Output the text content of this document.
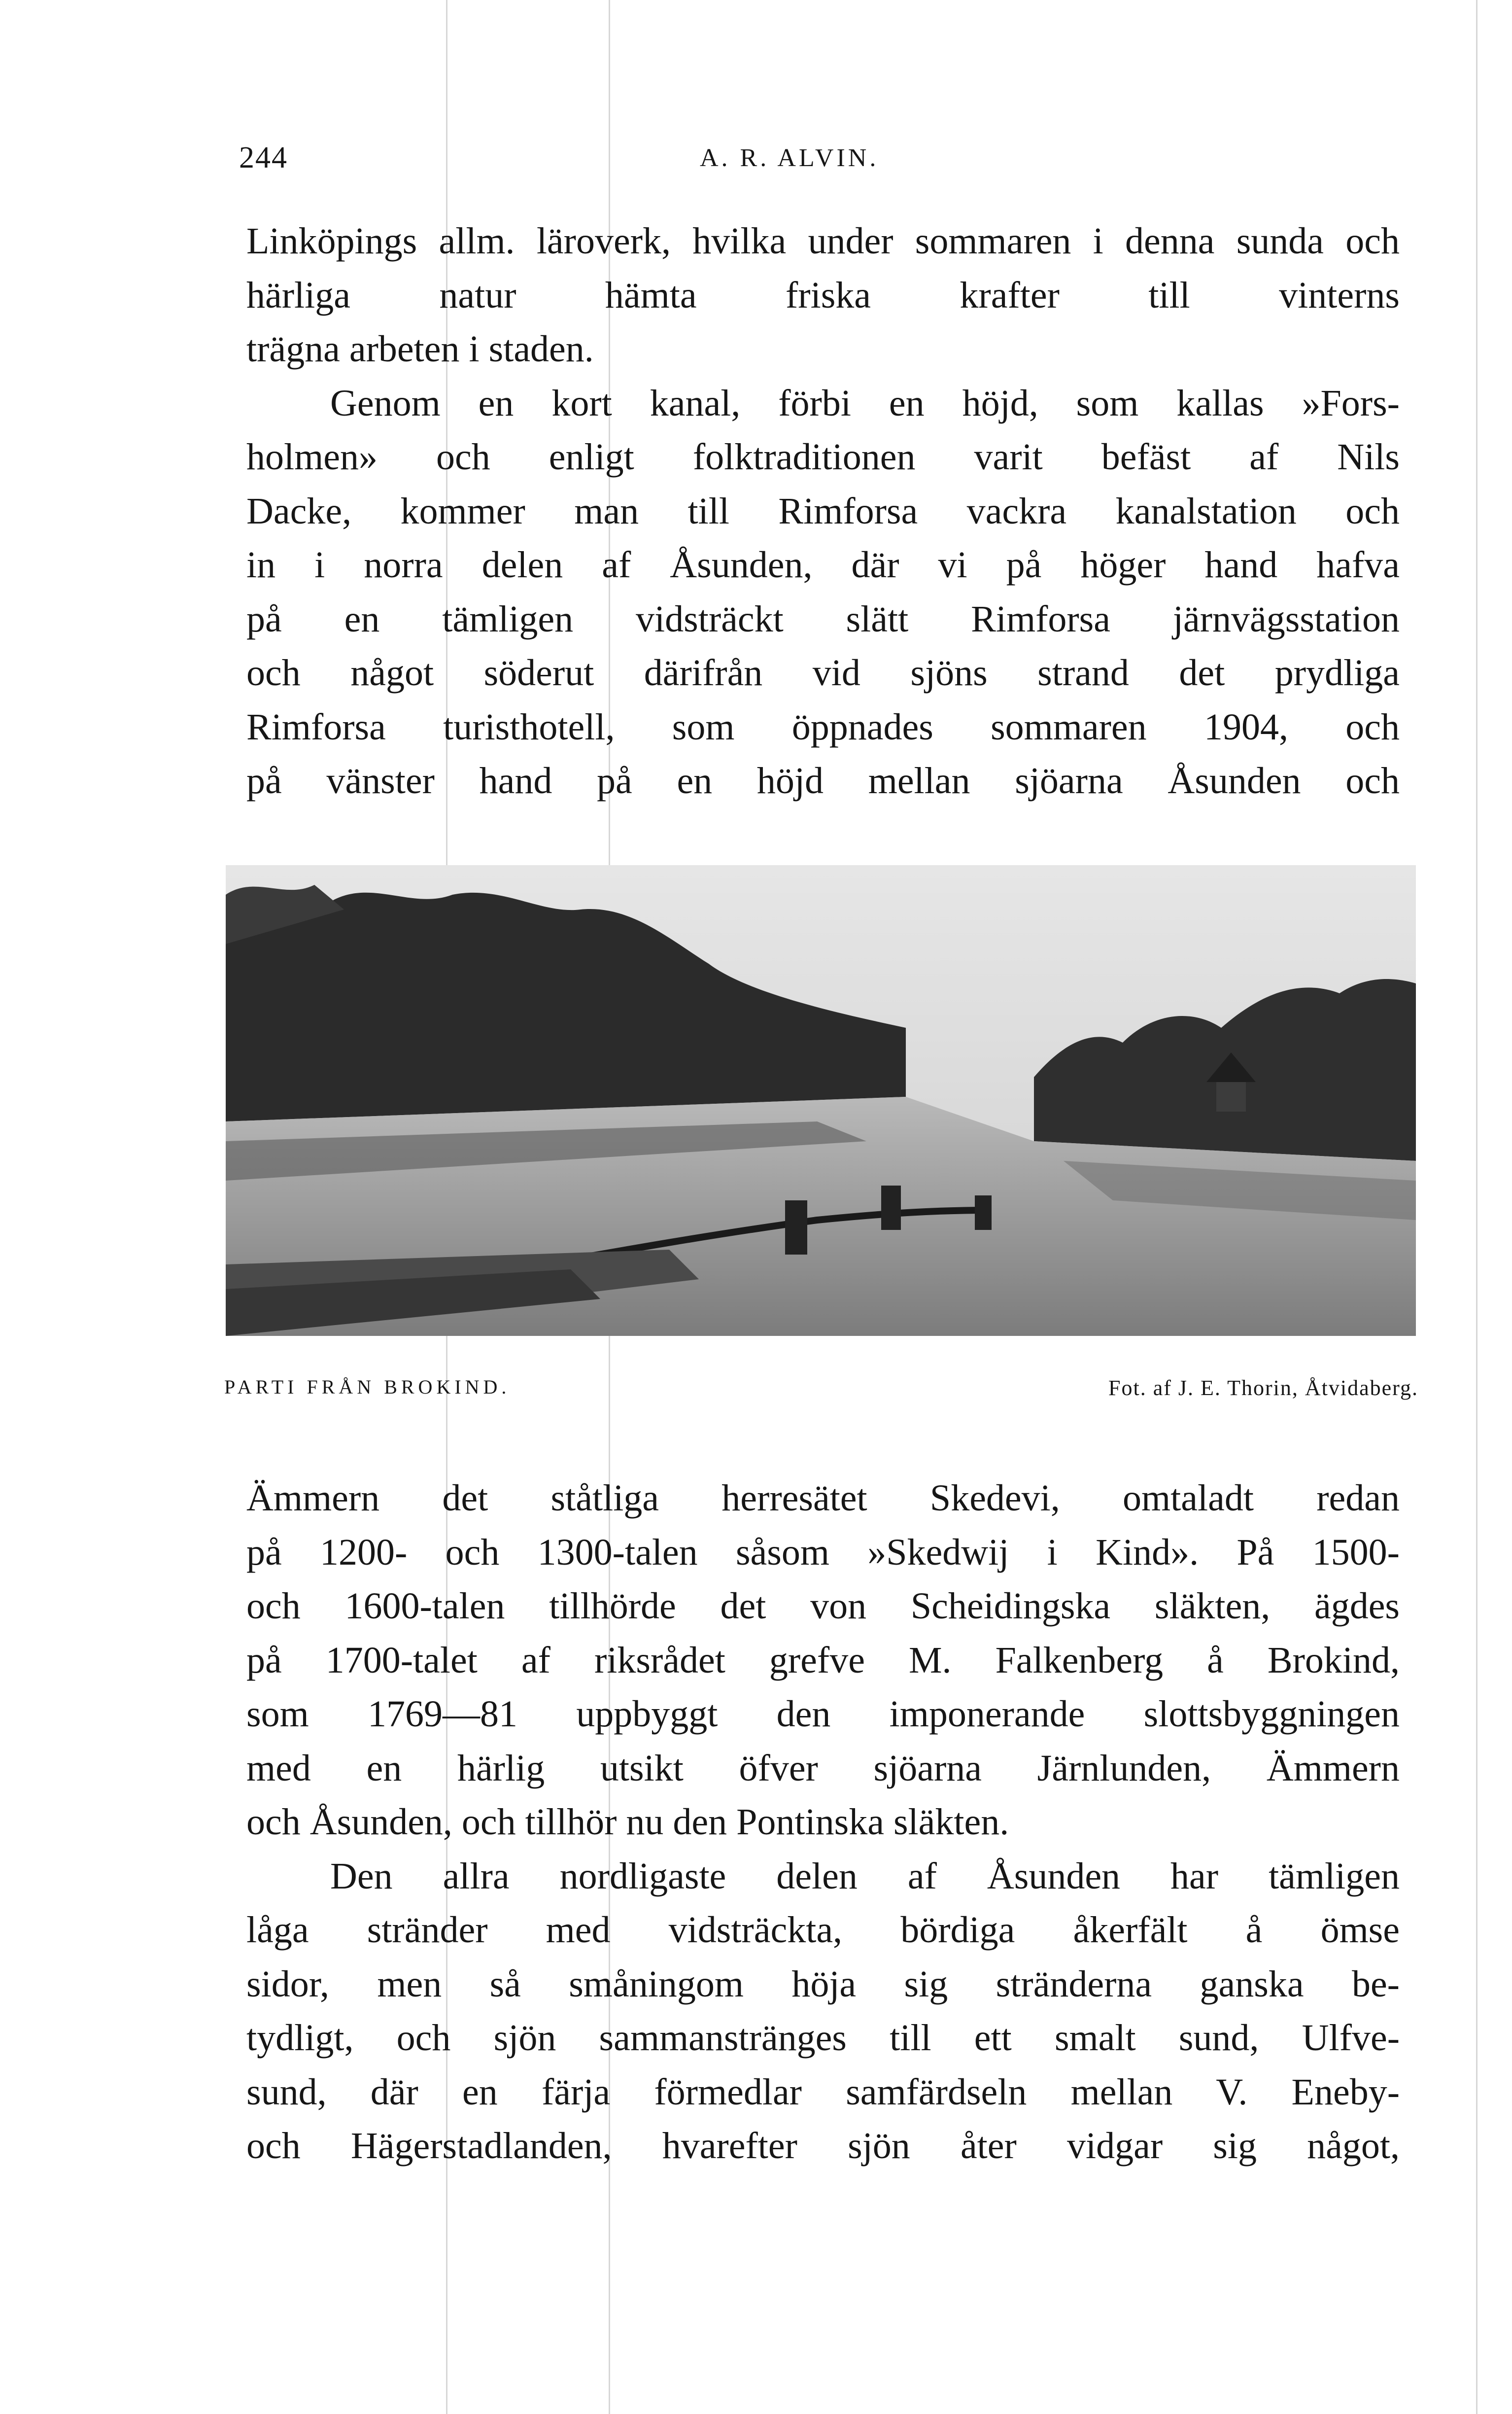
244	A. R. ALVIN.

Linköpings allm. läroverk, hvilka under sommaren i denna sunda och härliga natur hämta friska krafter till vinterns

trägna arbeten i staden.

Genom en kort kanal, förbi en höjd, som kallas »Fors-

holmen» och enligt folktraditionen varit befäst af Nils

Dacke, kommer man till Rimforsa vackra kanalstation och

in i norra delen af Åsunden, där vi på höger hand hafva

på en tämligen vidsträckt slätt Rimforsa järnvägsstation

och något söderut därifrån vid sjöns strand det prydliga

Rimforsa turisthotell, som öppnades sommaren 1904, och

på vänster hand på en höjd mellan sjöarna Åsunden och

PARTI FRÅN BROKIND.	Fot. af J. E. Thorin, Åtvidaberg.

Ämmern det ståtliga herresätet Skedevi, omtaladt redan

på 1200- och 1300-talen såsom »Skedwij i Kind». På 1500-

och 1600-talen tillhörde det von Scheidingska släkten, ägdes

på 1700-talet af riksrådet grefve M. Falkenberg å Brokind,

som 1769—81 uppbyggt den imponerande slottsbyggningen

med en härlig utsikt öfver sjöarna Järnlunden, Ämmern

och Åsunden, och tillhör nu den Pontinska släkten.

Den allra nordligaste delen af Åsunden har tämligen

låga stränder med vidsträckta, bördiga åkerfält å ömse

sidor, men så småningom höja sig stränderna ganska be-

tydligt, och sjön sammanstränges till ett smalt sund, Ulfve-

sund, där en färja förmedlar samfärdseln mellan V. Eneby-

och Hägerstadlanden, hvarefter sjön åter vidgar sig något,
